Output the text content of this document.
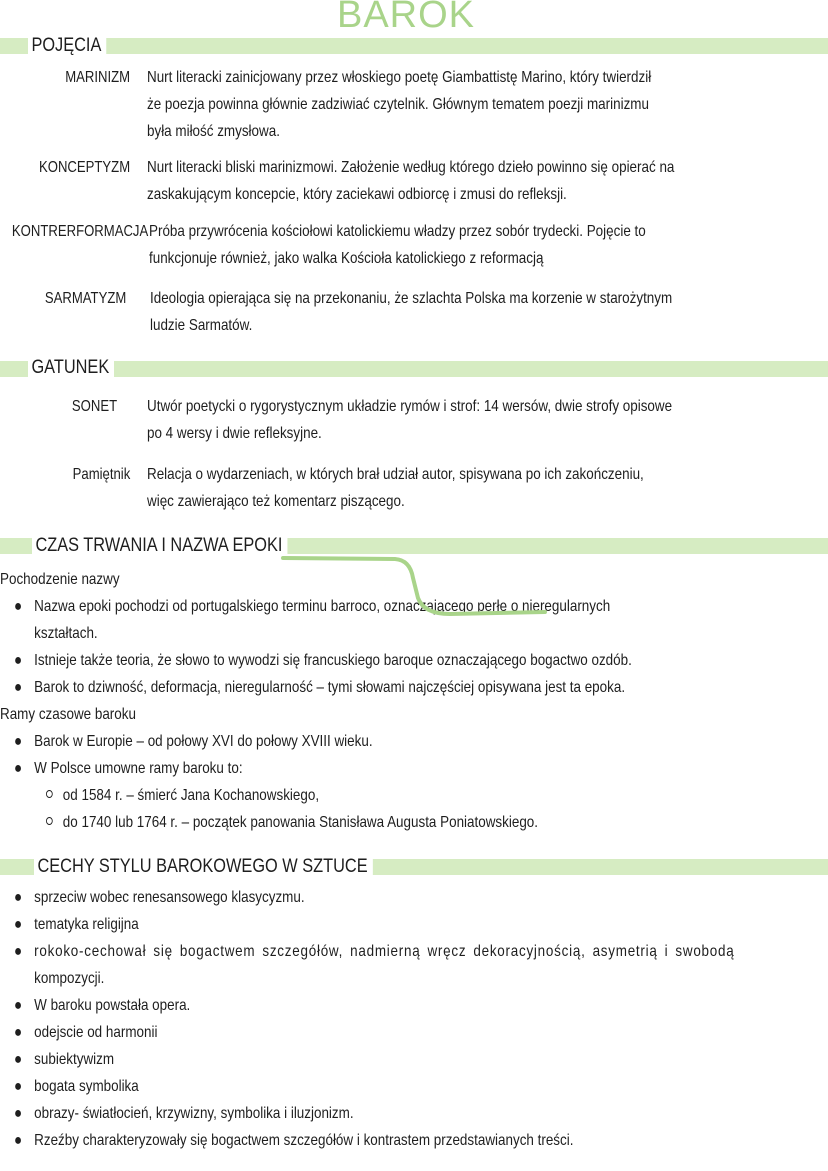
BAROK
POJĘCIA
MARINIZM Nurt literacki zainicjowany przez włoskiego poetę Giambattistę Marino, który twierdził
że poezja powinna głównie zadziwiać czytelnik. Głównym tematem poezji marinizmu
była miłość zmysłowa.
KONCEPTYZM Nurt literacki bliski marinizmowi. Założenie według którego dzieło powinno się opierać na
zaskakującym koncepcie, który zaciekawi odbiorcę i zmusi do refleksji.
KONTRERFORMACJA Próba przywrócenia kościołowi katolickiemu władzy przez sobór trydecki. Pojęcie to
funkcjonuje również, jako walka Kościoła katolickiego z reformacją
SARMATYZM Ideologia opierająca się na przekonaniu, że szlachta Polska ma korzenie w starożytnym
ludzie Sarmatów.
GATUNEK
SONET Utwór poetycki o rygorystycznym układzie rymów i strof: 14 wersów, dwie strofy opisowe
po 4 wersy i dwie refleksyjne.
Pamiętnik Relacja o wydarzeniach, w których brał udział autor, spisywana po ich zakończeniu,
więc zawierająco też komentarz piszącego.
CZAS TRWANIA I NAZWA EPOKI
Pochodzenie nazwy
● Nazwa epoki pochodzi od portugalskiego terminu barroco, oznaczającego perłę o nieregularnych
kształtach.
● Istnieje także teoria, że słowo to wywodzi się francuskiego baroque oznaczającego bogactwo ozdób.
● Barok to dziwność, deformacja, nieregularność – tymi słowami najczęściej opisywana jest ta epoka.
Ramy czasowe baroku
● Barok w Europie – od połowy XVI do połowy XVIII wieku.
● W Polsce umowne ramy baroku to:
od 1584 r. – śmierć Jana Kochanowskiego,
do 1740 lub 1764 r. – początek panowania Stanisława Augusta Poniatowskiego.
CECHY STYLU BAROKOWEGO W SZTUCE
● sprzeciw wobec renesansowego klasycyzmu.
● tematyka religijna
● rokoko-cechował się bogactwem szczegółów, nadmierną wręcz dekoracyjnością, asymetrią i swobodą
kompozycji.
● W baroku powstała opera.
● odejscie od harmonii
● subiektywizm
● bogata symbolika
● obrazy- światłocień, krzywizny, symbolika i iluzjonizm.
● Rzeźby charakteryzowały się bogactwem szczegółów i kontrastem przedstawianych treści.
